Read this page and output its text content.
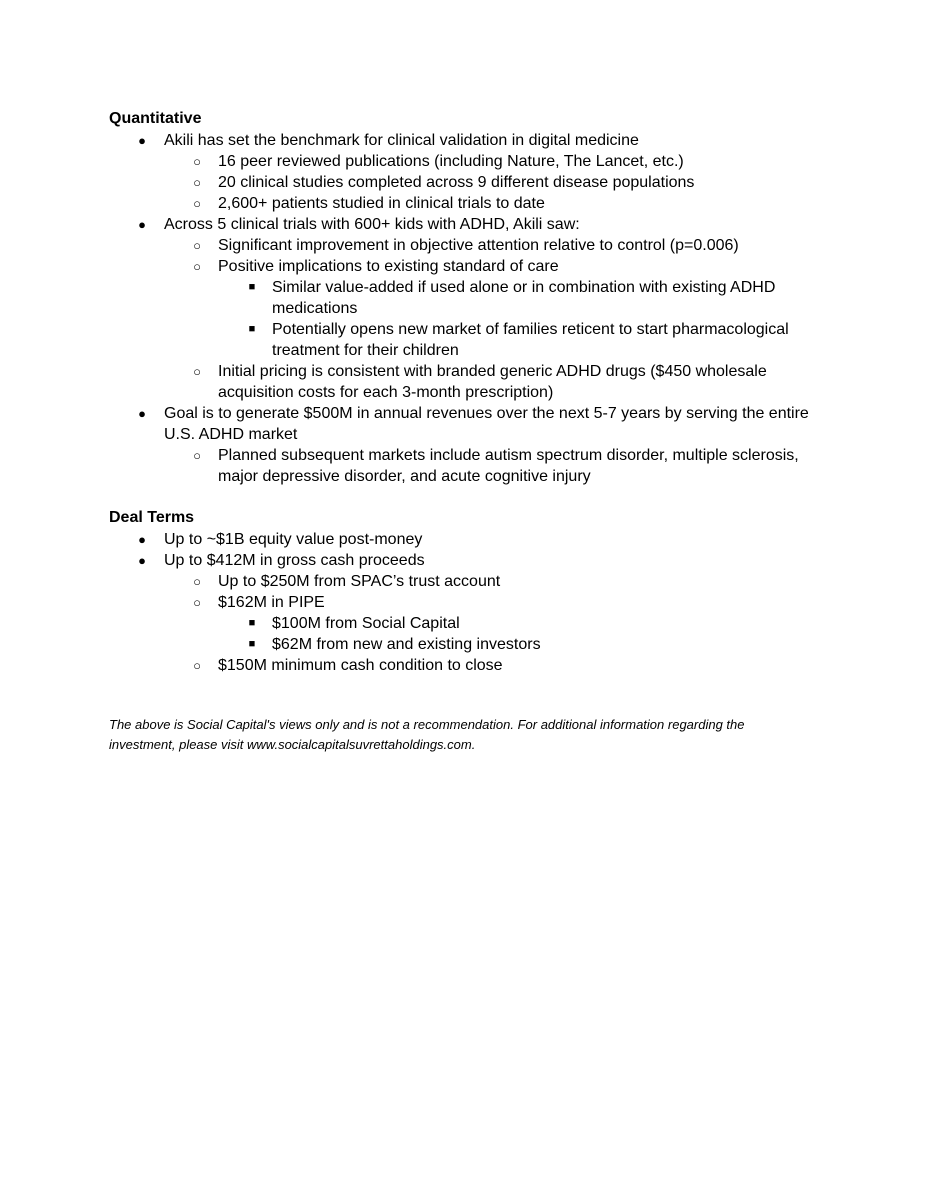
Quantitative
● Akili has set the benchmark for clinical validation in digital medicine
○ 16 peer reviewed publications (including Nature, The Lancet, etc.)
○ 20 clinical studies completed across 9 different disease populations
○ 2,600+ patients studied in clinical trials to date
● Across 5 clinical trials with 600+ kids with ADHD, Akili saw:
○ Significant improvement in objective attention relative to control (p=0.006)
○ Positive implications to existing standard of care
■ Similar value-added if used alone or in combination with existing ADHD
medications
■ Potentially opens new market of families reticent to start pharmacological
treatment for their children
○ Initial pricing is consistent with branded generic ADHD drugs ($450 wholesale
acquisition costs for each 3-month prescription)
● Goal is to generate $500M in annual revenues over the next 5-7 years by serving the entire
U.S. ADHD market
○ Planned subsequent markets include autism spectrum disorder, multiple sclerosis,
major depressive disorder, and acute cognitive injury
Deal Terms
● Up to ~$1B equity value post-money
● Up to $412M in gross cash proceeds
○ Up to $250M from SPAC’s trust account
○ $162M in PIPE
■ $100M from Social Capital
■ $62M from new and existing investors
○ $150M minimum cash condition to close
The above is Social Capital's views only and is not a recommendation. For additional information regarding the
investment, please visit www.socialcapitalsuvrettaholdings.com.
